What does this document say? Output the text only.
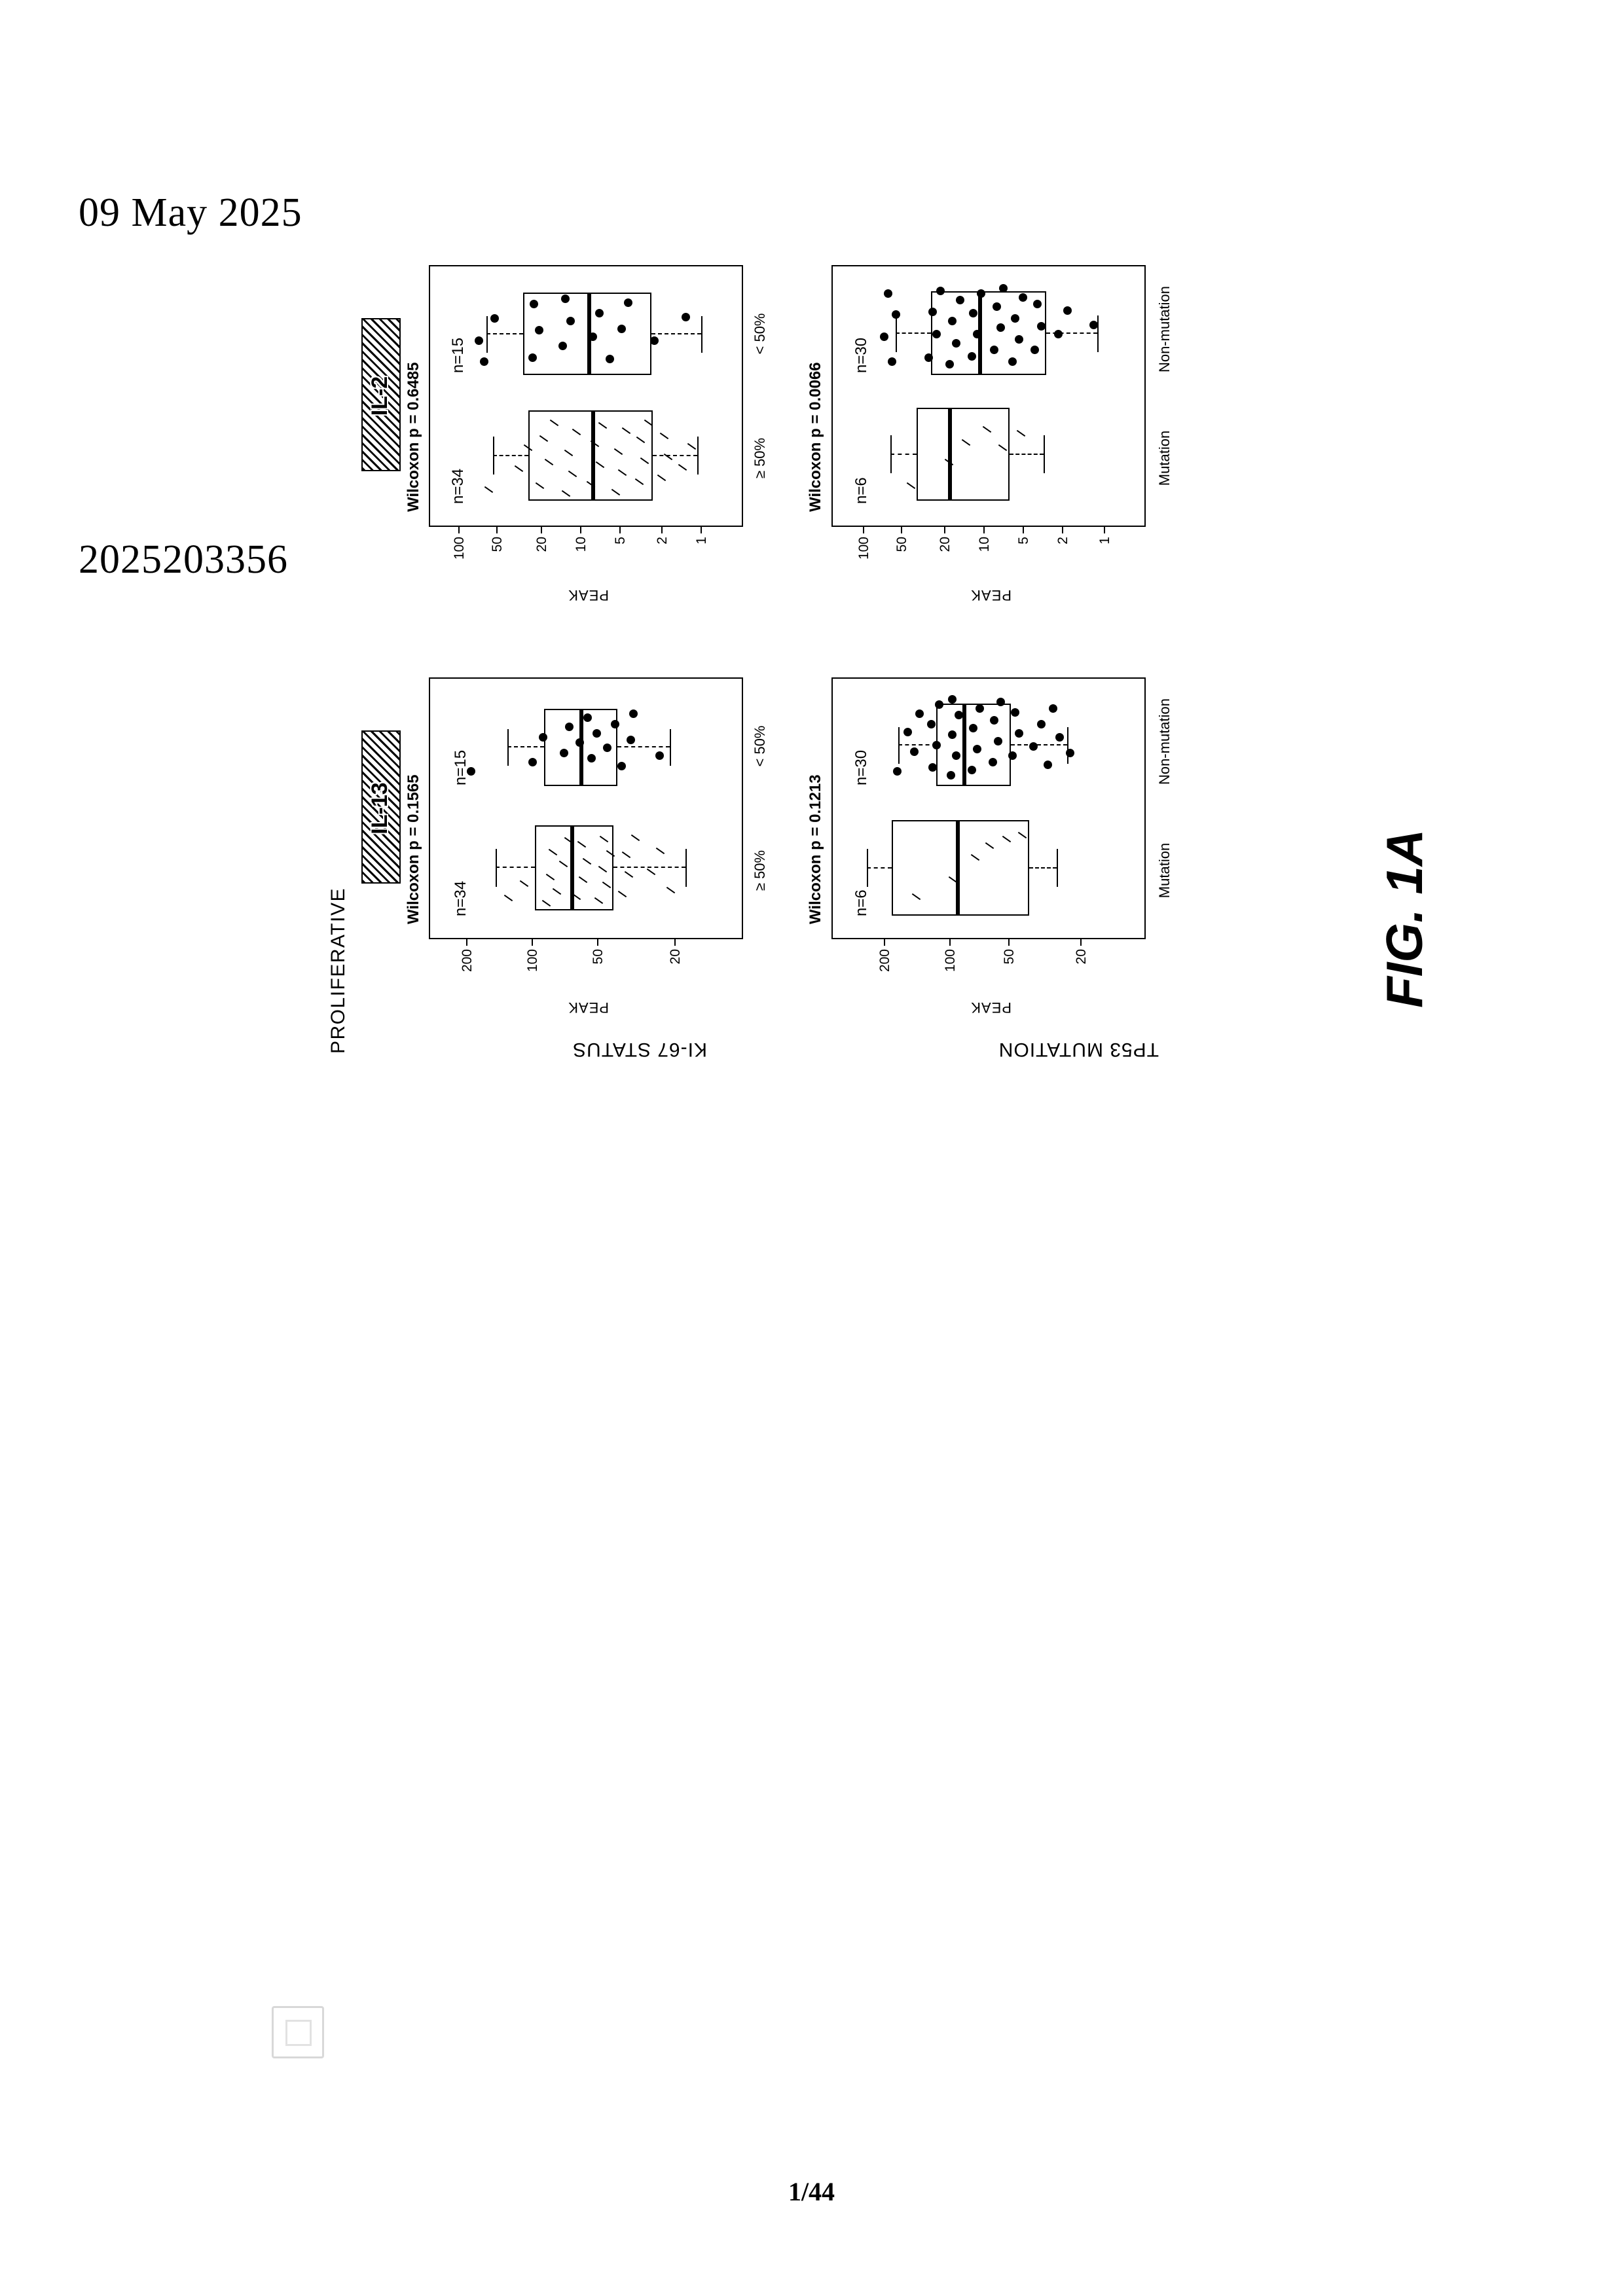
2025203356
09 May 2025
1/44
FIG. 1A
PROLIFERATIVE
IL-13
IL-2
KI-67 STATUS	TP53 MUTATION
200	100	50	20
PEAK
Wilcoxon p = 0.1565 n=34
n=15
≥ 50%
< 50%
100 50 20 10 5 2 1
PEAK
Wilcoxon p = 0.6485 n=34
n=15
≥ 50%
< 50%
200	100	50	20
PEAK
Wilcoxon p = 0.1213 n=6
n=30
Mutation
Non-mutation
100 50 20 10 5 2 1
PEAK
Wilcoxon p = 0.0066 n=6
n=30
Mutation
Non-mutation
